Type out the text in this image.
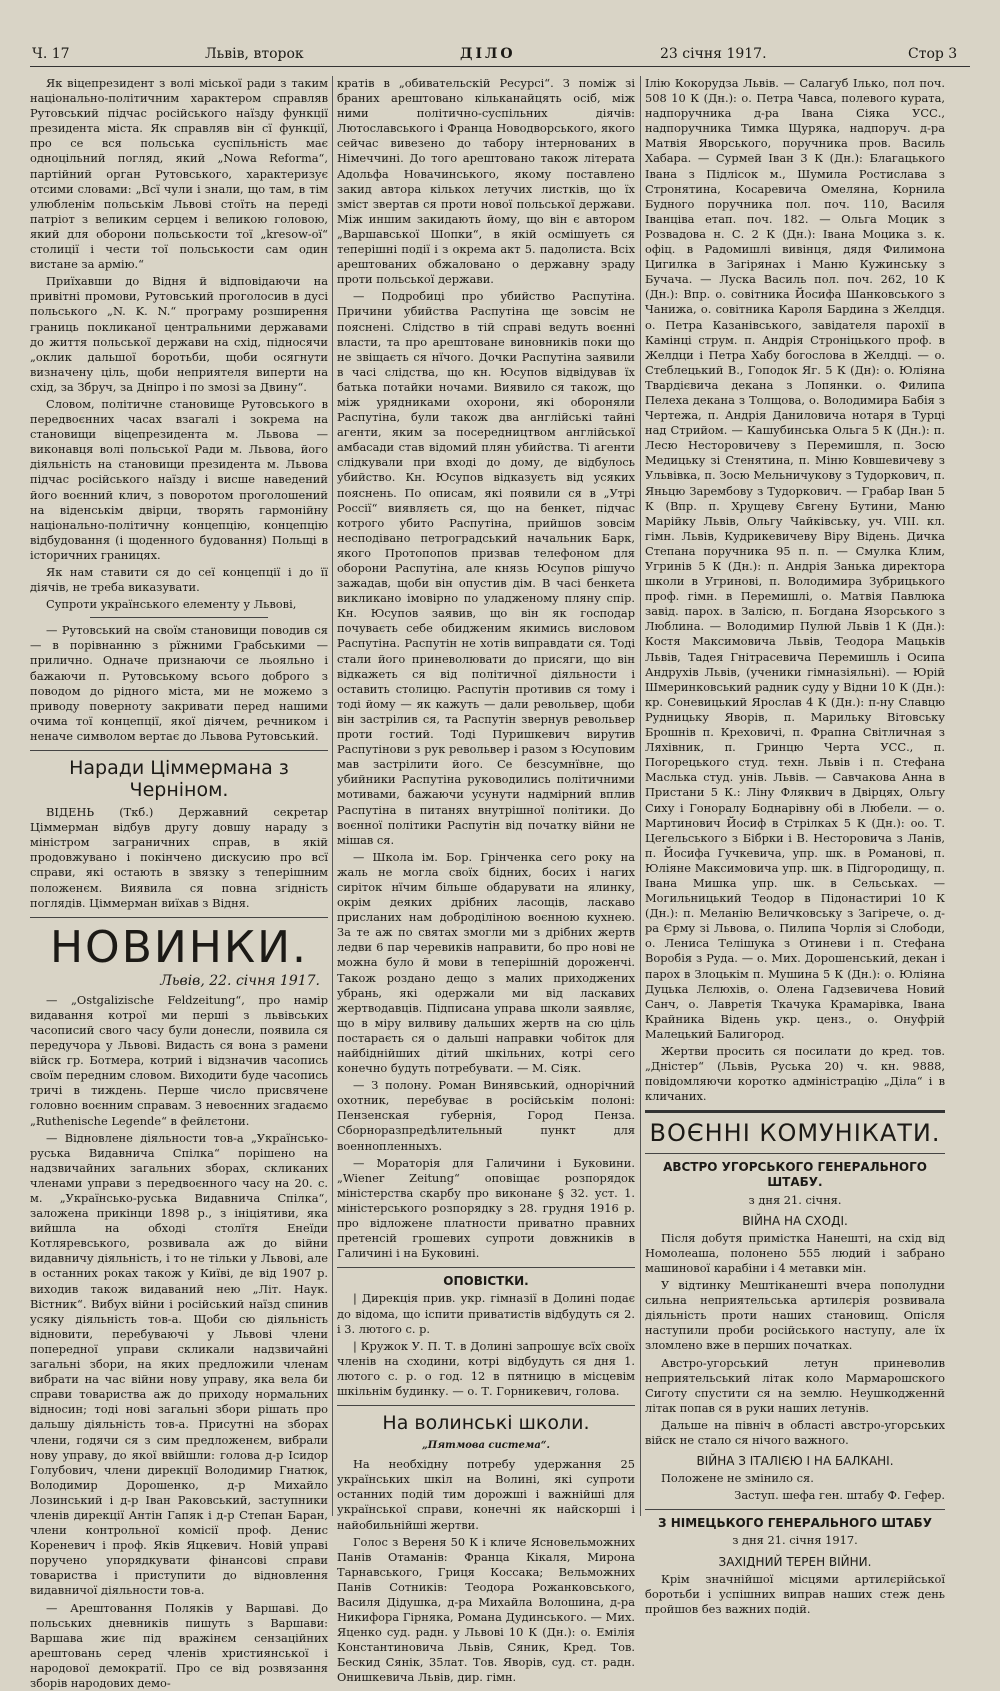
Ч. 17	Львів, второк	ДІЛО	23 січня 1917.	Стор 3

Як віцепрезидент з волі міської ради з таким національно-політичним характером справляв Рутовський підчас російського наїзду функції президента міста. Як справляв він сї функції, про се вся польська суспільність має одноцільний погляд, який „Nowa Reforma“, партійний орган Рутовського, характеризує отсими словами: „Всї чули і знали, що там, в тім улюбленім польськім Львові стоїть на переді патріот з великим серцем і великою головою, який для оборони польськости тої „kresow-oï“ столиції і чести тої польськости сам один вистане за армію.“

Приїхавши до Відня й відповідаючи на привітні промови, Рутовський проголосив в дусі польського „N. K. N.“ програму розширення границь покликаної центральними державами до життя польської держави на схід, підносячи „оклик дальшої боротьби, щоби осягнути визначену ціль, щоби неприятеля виперти на схід, за Збруч, за Дніпро і по змозі за Двину“.

Словом, політичне становище Рутовського в передвоєнних часах взагалі і зокрема на становищи віцепрезидента м. Львова — виконавця волі польської Ради м. Львова, його діяльність на становищи президента м. Львова підчас російського наїзду і висше наведений його воєнний клич, з поворотом проголошений на віденськім двірци, творять гармонійну національно-політичну концепцію, концепцію відбудовання (і щоденного будовання) Польщі в історичних границях.

Як нам ставити ся до сеї концепції і до її діячів, не треба виказувати.

Супроти українського елементу у Львові,

— Рутовський на своїм становищи поводив ся — в порівнанню з рїжними Грабськими — прилично. Одначе признаючи се льояльно і бажаючи п. Рутовському всього доброго з поводом до рідного міста, ми не можемо з приводу поверноту закривати перед нашими очима тої концепції, якої діячем, речником і неначе символом вертає до Львова Рутовський.

Наради Ціммермана з Черніном.

ВІДЕНЬ (Ткб.) Державний секретар Ціммерман відбув другу довшу нараду з міністром заграничних справ, в якій продовжувано і покінчено дискусию про всї справи, які остають в звязку з теперішним положенєм. Виявила ся повна згідність поглядів. Ціммерман виїхав з Відня.

НОВИНКИ.
Львів, 22. січня 1917.

— „Ostgalizische Feldzeitung“, про намір видавання котрої ми перші з львівських часописий свого часу були донесли, появила ся передучора у Львові. Видасть ся вона з рамени війск гр. Ботмера, котрий і відзначив часопись своїм передним словом. Виходити буде часопись тричі в тиждень. Перше число присвячене головно воєнним справам. З невоєнних згадаємо „Ruthenische Legende“ в фейлєтони.

— Відновлене діяльности тов-а „Українсько-руська Видавнича Спілка“ порішено на надзвичайних загальних зборах, скликаних членами управи з передвоєнного часу на 20. с. м. „Українсько-руська Видавнича Спілка“, заложена прикінци 1898 р., з ініціятиви, яка вийшла на обході столїтя Енеїди Котляревського, розвивала аж до війни видавничу діяльність, і то не тільки у Львові, але в останних роках також у Київі, де від 1907 р. виходив також видаваний нею „Літ. Наук. Вістник“. Вибух війни і російський наїзд спинив усяку діяльність тов-а. Щоби сю діяльність відновити, перебуваючі у Львові члени попередної управи скликали надзвичайні загальні збори, на яких предложили членам вибрати на час війни нову управу, яка вела би справи товариства аж до приходу нормальних відносин; тоді нові загальні збори рішать про дальшу діяльність тов-а. Присутні на зборах члени, годячи ся з сим предложенєм, вибрали нову управу, до якої ввійшли: голова д-р Ісидор Голубович, члени дирекції Володимир Гнатюк, Володимир Дорошенко, д-р Михайло Лозинський і д-р Іван Раковський, заступники членів дирекції Антін Гапяк і д-р Степан Баран, члени контрольної комісії проф. Денис Кореневич і проф. Яків Яцкевич. Новій управі поручено упорядкувати фінансові справи товариства і приступити до відновлення видавничої діяльности тов-а.

— Арештовання Поляків у Варшаві. До польських дневників пишуть з Варшави: Варшава жиє під вражінєм сензаційних арештовань серед членів християнської і народової демократії. Про се від розвязання зборів народових демо-

кратів в „обивательскій Ресурсі“. З поміж зі браних арештовано кільканайцять осіб, між ними політично-суспільних діячів: Лютославського і Франца Новодворського, якого сейчас вивезено до табору інтернованих в Німеччині. До того арештовано також літерата Адольфа Новачинського, якому поставлено закид автора кількох летучих листків, що їх зміст звертав ся проти нової польської держави. Між иншим закидають йому, що він є автором „Варшавської Шопки“, в якій осмішуеть ся теперішні події і з окрема акт 5. падолиста. Всіх арештованих обжаловано о державну зраду проти польської держави.

— Подробиці про убийство Распутіна. Причини убийства Распутіна ще зовсім не пояснені. Слідство в тій справі ведуть воєнні власти, та про арештоване виновників поки що не звіщаєть ся нїчого. Дочки Распутіна заявили в часі слідства, що кн. Юсупов відвідував їх батька потайки ночами. Виявило ся також, що між урядниками охорони, які обороняли Распутіна, були також два англійські тайні агенти, яким за посередництвом англійської амбасади став відомий плян убийства. Ті агенти слідкували при вході до дому, де відбулось убийство. Кн. Юсупов відказуєть від усяких пояснень. По описам, які появили ся в „Утрі Россії“ виявляєть ся, що на бенкет, підчас котрого убито Распутіна, прийшов зовсім несподівано петроградський начальник Барк, якого Протопопов призвав телефоном для оборони Распутіна, але князь Юсупов рішучо зажадав, щоби він опустив дім. В часі бенкета викликано імовірно по уладженому пляну спір. Кн. Юсупов заявив, що він як господар почуваєть себе обидженим якимись висловом Распутіна. Распутін не хотів виправдати ся. Тоді стали його приневолювати до присяги, що він відкажеть ся від політичної діяльности і оставить столицю. Распутін противив ся тому і тоді йому — як кажуть — дали револьвер, щоби він застрілив ся, та Распутін звернув револьвер проти гостий. Тоді Пуришкевич вирутив Распутінови з рук револьвер і разом з Юсуповим мав застрілити його. Се безсумнївне, що убийники Распутіна руководились політичними мотивами, бажаючи усунути надмірний вплив Распутіна в питанях внутрішної політики. До воєнної політики Распутін від початку війни не мішав ся.

— Школа ім. Бор. Грінченка сего року на жаль не могла своїх бідних, босих і нагих сиріток нїчим більше обдарувати на ялинку, окрім деяких дрібних ласощів, ласкаво присланих нам доброділiною воєнною кухнею. За те аж по святах змогли ми з дрібних жертв ледви 6 пар черевиків направити, бо про нові не можна було й мови в теперішній дороженчі. Також роздано дещо з малих приходжених убрань, які одержали ми від ласкавих жертводавців. Підписана управа школи заявляє, що в міру вилвиву дальших жертв на сю ціль постараєть ся о дальші направки чобіток для найбіднійших дітий шкільних, котрі сего конечно будуть потребувати. — М. Сіяк.

— З полону. Роман Винявський, однорічний охотник, перебуває в російськім полоні: Пензенская губернія, Город Пенза. Сборноразпредѣлительный пункт для военнопленныхъ.

— Мораторія для Галичини і Буковини. „Wiener Zeitung“ оповіщає розпорядок міністерства скарбу про виконане § 32. уст. 1. міністерського розпорядку з 28. грудня 1916 р. про відложене платности приватно правних претенсій грошевих супроти довжників в Галичині і на Буковині.

ОПОВІСТКИ.

| Дирекція прив. укр. гімназії в Долині подає до відома, що іспити приватистів відбудуть ся 2. і 3. лютого с. р.

| Кружок У. П. Т. в Долині запрошує всїх своїх членів на сходини, котрі відбудуть ся дня 1. лютого с. р. о год. 12 в пятницю в місцевім шкільнім будинку. — о. Т. Горникевич, голова.

На волинські школи.
„Пятмова система“.

На необхідну потребу удержання 25 українських шкіл на Волині, які супроти останних подій тим дорожші і важнійші для української справи, конечні як найскорші і найобильнійші жертви.

Голос з Вереня 50 К і кличе Ясновельможних Панів Отаманів: Франца Кікаля, Мирона Тарнавського, Гриця Коссака; Вельможних Панів Сотників: Теодора Рожанковського, Василя Дідушка, д-ра Михайла Волошина, д-ра Никифора Гірняка, Романа Дудинського. — Мих. Яценко суд. радн. у Львові 10 К (Дн.): о. Емілія Константиновича Львів, Сяник, Кред. Тов. Бескид Сянік, 35лат. Тов. Яворів, суд. ст. радн. Онишкевича Львів, дир. гімн.

Ілію Кокорудза Львів. — Салагуб Ілько, пол поч. 508 10 К (Дн.): о. Петра Чавса, полевого курата, надпоручника д-ра Івана Сіяка УСС., надпоручника Тимка Щуряка, надпоруч. д-ра Матвія Яворського, поручника пров. Василь Хабара. — Сурмей Іван 3 К (Дн.): Благацького Івана з Підлісок м., Шумила Ростислава з Стронятина, Косаревича Омеляна, Корнила Будного поручника пол. поч. 110, Василя Іванціва етап. поч. 182. — Ольга Моцик з Розвадова н. С. 2 К (Дн.): Івана Моцика з. к. офіц. в Радомишлі вивінця, дядя Филимона Цигилка в Загірянах і Маню Кужинську з Бучача. — Луска Василь пол. поч. 262, 10 К (Дн.): Впр. о. совітника Йосифа Шанковського з Чанижа, о. совітника Кароля Бардина з Желдця. о. Петра Казанівського, завідателя парохії в Камінці струм. п. Андрія Строніцького проф. в Желдци і Петра Хабу богослова в Желдці. — о. Стеблецький В., Гоподок Яг. 5 К (Дн): о. Юліяна Твардієвича декана з Лопянки. о. Филипа Пелеха декана з Толщова, о. Володимира Бабія з Чертежа, п. Андрія Даниловича нотаря в Турці над Стрийом. — Кашубинська Ольга 5 К (Дн.): п. Лесю Несторовичеву з Перемишля, п. Зосю Медицьку зі Стенятина, п. Міню Ковшевичеву з Ульвівка, п. Зосю Мельничукову з Тудоркович, п. Яньцю Зарембову з Тудоркович. — Грабар Іван 5 К (Впр. п. Хрущеву Євгену Бутини, Маню Марійку Львів, Ольгу Чайківську, уч. VIII. кл. гімн. Львів, Кудрикевичеву Віру Відень. Дичка Степана поручника 95 п. п. — Смулка Клим, Угринів 5 К (Дн.): п. Андрія Занька директора школи в Угринові, п. Володимира Зубрицького проф. гімн. в Перемишлі, о. Матвія Павлюка завід. парох. в Залісю, п. Богдана Язорського з Люблина. — Володимир Пулюй Львів 1 К (Дн.): Костя Максимовича Львів, Теодора Мацьків Львів, Тадея Гнітрасевича Перемишль і Осипа Андрухів Львів, (ученики гімназіяльні). — Юрій Шмеринковський радник суду у Відни 10 К (Дн.): кр. Соневицький Ярослав 4 К (Дн.): п-ну Славцю Рудницьку Яворів, п. Марильку Вітовську Брошнів п. Креховичі, п. Фрапна Світличная з Ляхівник, п. Гринцю Черта УСС., п. Погорецького студ. техн. Львів і п. Стефана Маслька студ. унів. Львів. — Савчакова Анна в Пристани 5 К.: Ліну Фляквич в Двірцях, Ольгу Сиху і Гоноралу Боднарівну обі в Любели. — о. Мартинович Йосиф в Стрілках 5 К (Дн.): оо. Т. Цегельського з Бібрки і В. Несторовича з Ланів, п. Йосифа Гучкевича, упр. шк. в Романові, п. Юліяне Максимовича упр. шк. в Підгородищу, п. Івана Мишка упр. шк. в Сельськах. — Могильницький Теодор в Підонастириі 10 К (Дн.): п. Меланію Величковську з Загірече, о. д-ра Єрму зі Львова, о. Пилипа Чорлія зі Слободи, о. Лениса Телішука з Отиневи і п. Стефана Воробія з Руда. — о. Мих. Дорошенський, декан і парох в Злоцькім п. Мушина 5 К (Дн.): о. Юліяна Дуцька Лєлюхів, о. Олена Гадзевичева Новий Санч, о. Лавретія Ткачука Крамарівка, Івана Крайника Відень укр. ценз., о. Онуфрій Малецький Балигород.

Жертви просить ся посилати до кред. тов. „Дністер“ (Львів, Руська 20) ч. кн. 9888, повідомляючи коротко адміністрацію „Діла“ і в кличаних.

ВОЄННІ КОМУНІКАТИ.
АВСТРО УГОРСЬКОГО ГЕНЕРАЛЬНОГО ШТАБУ.
з дня 21. січня.
ВІЙНА НА СХОДІ.

Після добутя примістка Нанешті, на схід від Номолеаша, полонено 555 людий і забрано машинової карабіни і 4 метавки мін.

У відтинку Мештіканешті вчера пополудни сильна неприятельська артилєрія розвивала діяльність проти наших становищ. Опісля наступили проби російського наступу, але їх зломлено вже в перших початках.

Австро-угорський летун приневолив неприятельський літак коло Мармарошского Сиготу спустити ся на землю. Неушкодженнй літак попав ся в руки наших летунів.

Дальше на північ в області австро-угорських війск не стало ся нічого важного.

ВІЙНА З ІТАЛІЄЮ І НА БАЛКАНІ.

Положене не змінило ся.

Заступ. шефа ген. штабу Ф. Гефер.
З НІМЕЦЬКОГО ГЕНЕРАЛЬНОГО ШТАБУ
з дня 21. січня 1917.
ЗАХІДНИЙ ТЕРЕН ВІЙНИ.

Крім значнійшої місцями артилєрійської боротьби і успішних виправ наших стеж день пройшов без важних подій.
